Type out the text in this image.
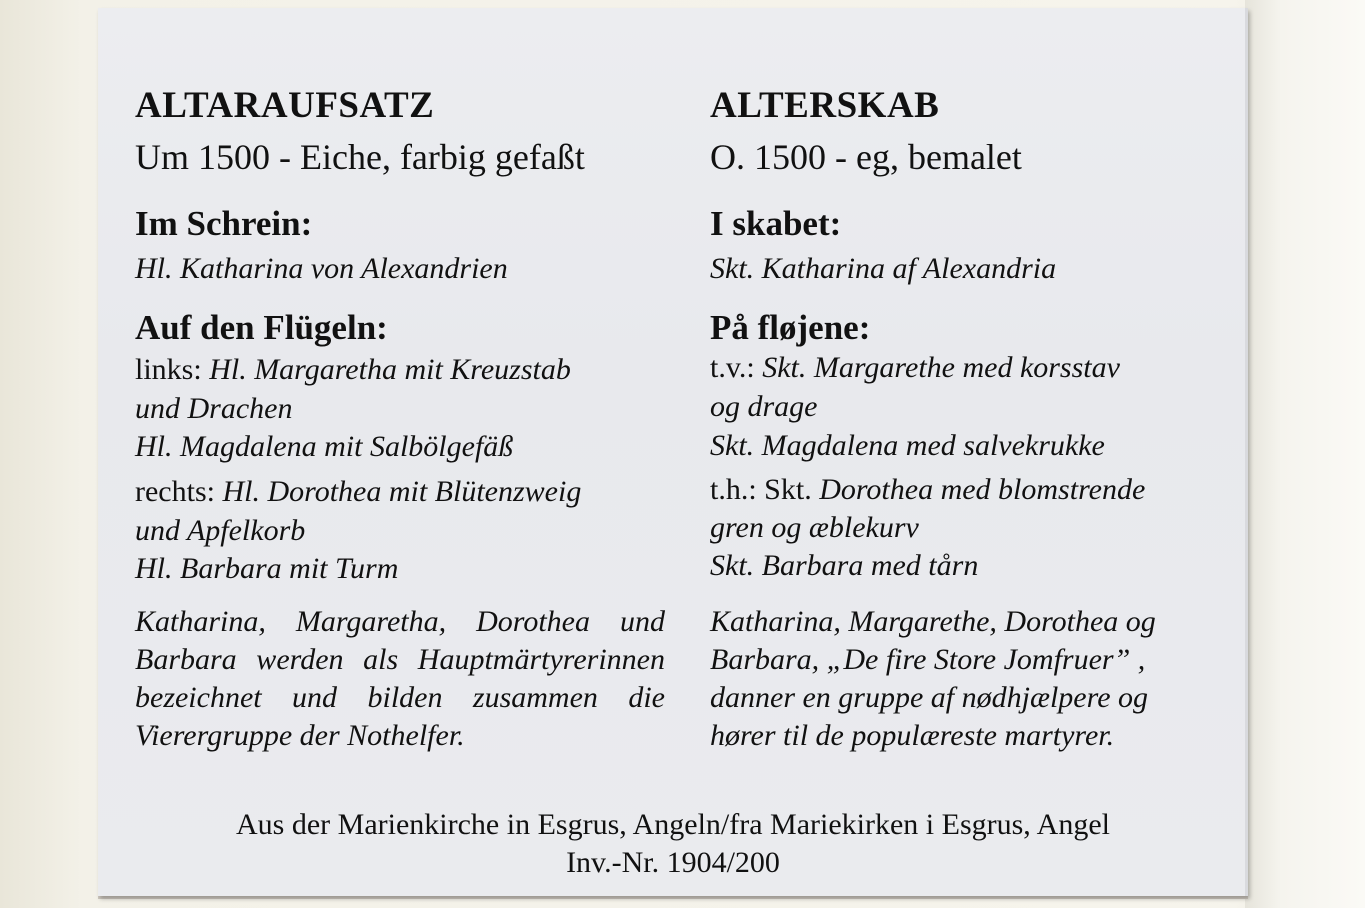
ALTARAUFSATZ
Um 1500 - Eiche, farbig gefaßt
Im Schrein:
Hl. Katharina von Alexandrien
Auf den Flügeln:
links: Hl. Margaretha mit Kreuzstab
und Drachen
Hl. Magdalena mit Salbölgefäß
rechts: Hl. Dorothea mit Blütenzweig
und Apfelkorb
Hl. Barbara mit Turm
Katharina, Margaretha, Dorothea und Barbara werden als Hauptmärtyrerinnen bezeichnet und bilden zusammen die Vierergruppe der Nothelfer.
ALTERSKAB
O. 1500 - eg, bemalet
I skabet:
Skt. Katharina af Alexandria
På fløjene:
t.v.: Skt. Margarethe med korsstav
og drage
Skt. Magdalena med salvekrukke
t.h.: Skt. Dorothea med blomstrende
gren og æblekurv
Skt. Barbara med tårn
Katharina, Margarethe, Dorothea og
Barbara, „De fire Store Jomfruer” ,
danner en gruppe af nødhjælpere og
hører til de populæreste martyrer.
Aus der Marienkirche in Esgrus, Angeln/fra Mariekirken i Esgrus, Angel
Inv.-Nr. 1904/200
